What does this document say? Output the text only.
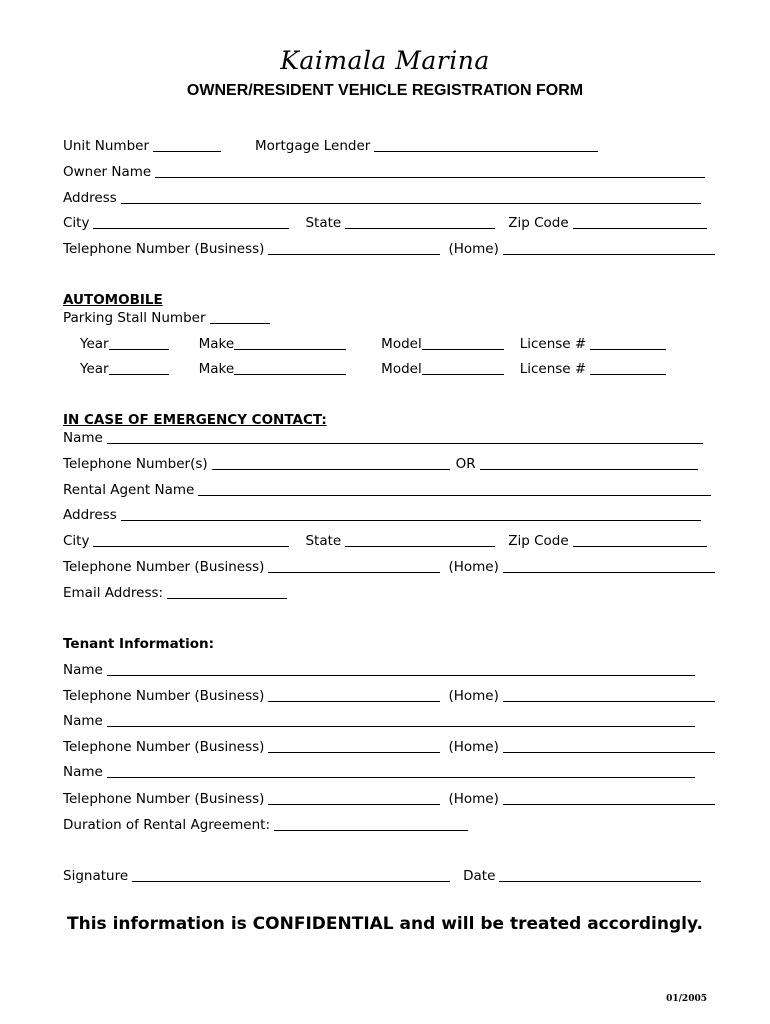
Kaimala Marina
OWNER/RESIDENT VEHICLE REGISTRATION FORM
Unit Number	Mortgage Lender
Owner Name
Address
City	State	Zip Code
Telephone Number (Business)	(Home)
AUTOMOBILE
Parking Stall Number
Year	Make	Model	License #
Year	Make	Model	License #
IN CASE OF EMERGENCY CONTACT:
Name
Telephone Number(s)	OR
Rental Agent Name
Address
City	State	Zip Code
Telephone Number (Business)	(Home)
Email Address:
Tenant Information:
Name
Telephone Number (Business)	(Home)
Name
Telephone Number (Business)	(Home)
Name
Telephone Number (Business)	(Home)
Duration of Rental Agreement:
Signature	Date
This information is CONFIDENTIAL and will be treated accordingly.
01/2005
